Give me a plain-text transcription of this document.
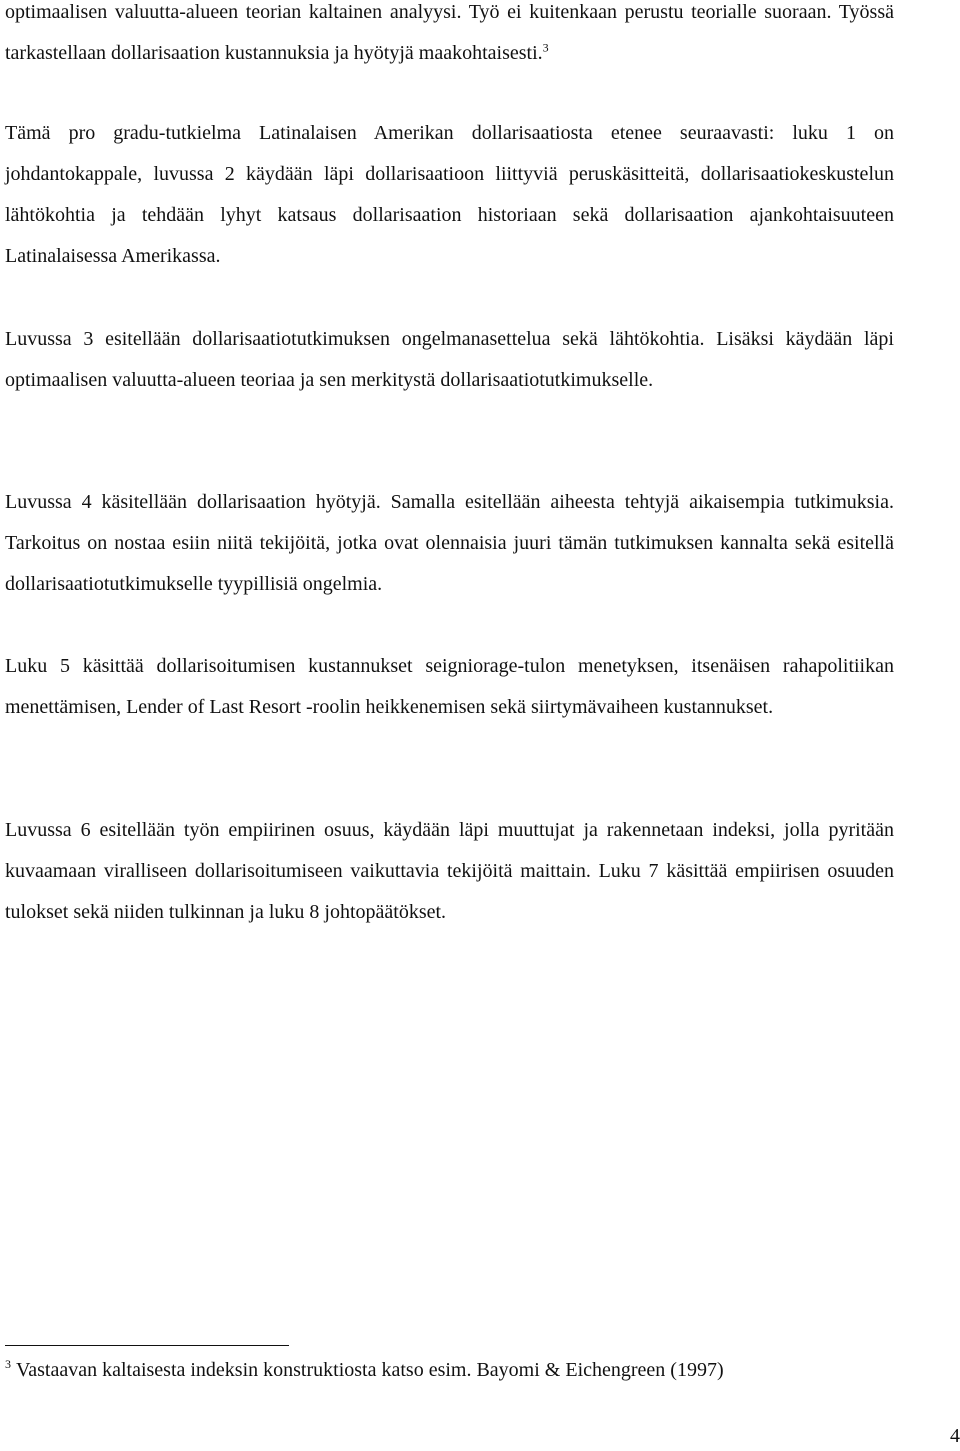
optimaalisen valuutta-alueen teorian kaltainen analyysi. Työ ei kuitenkaan perustu teorialle suoraan. Työssä tarkastellaan dollarisaation kustannuksia ja hyötyjä maakohtaisesti.$^3$

Tämä pro gradu-tutkielma Latinalaisen Amerikan dollarisaatiosta etenee seuraavasti: luku 1 on johdantokappale, luvussa 2 käydään läpi dollarisaatioon liittyviä peruskäsitteitä, dollarisaatiokeskustelun lähtökohtia ja tehdään lyhyt katsaus dollarisaation historiaan sekä dollarisaation ajankohtaisuuteen Latinalaisessa Amerikassa.

Luvussa 3 esitellään dollarisaatiotutkimuksen ongelmanasettelua sekä lähtökohtia. Lisäksi käydään läpi optimaalisen valuutta-alueen teoriaa ja sen merkitystä dollarisaatiotutkimukselle.

Luvussa 4 käsitellään dollarisaation hyötyjä. Samalla esitellään aiheesta tehtyjä aikaisempia tutkimuksia. Tarkoitus on nostaa esiin niitä tekijöitä, jotka ovat olennaisia juuri tämän tutkimuksen kannalta sekä esitellä dollarisaatiotutkimukselle tyypillisiä ongelmia.

Luku 5 käsittää dollarisoitumisen kustannukset seigniorage-tulon menetyksen, itsenäisen rahapolitiikan menettämisen, Lender of Last Resort -roolin heikkenemisen sekä siirtymävaiheen kustannukset.

Luvussa 6 esitellään työn empiirinen osuus, käydään läpi muuttujat ja rakennetaan indeksi, jolla pyritään kuvaamaan viralliseen dollarisoitumiseen vaikuttavia tekijöitä maittain. Luku 7 käsittää empiirisen osuuden tulokset sekä niiden tulkinnan ja luku 8 johtopäätökset.

$^3$ Vastaavan kaltaisesta indeksin konstruktiosta katso esim. Bayomi & Eichengreen (1997)
4
